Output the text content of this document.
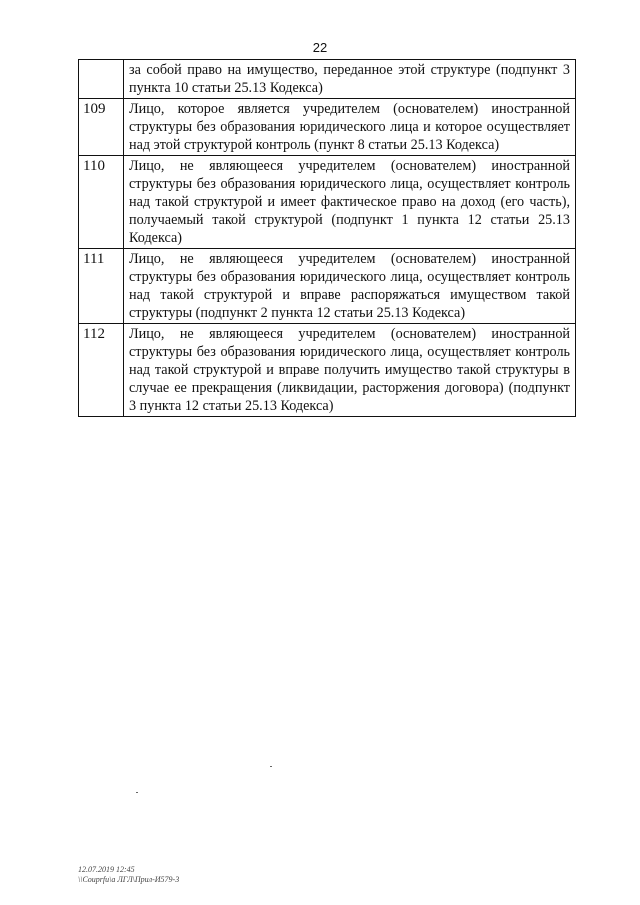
22
	за собой право на имущество, переданное этой структуре (подпункт 3 пункта 10 статьи 25.13 Кодекса)
109	Лицо, которое является учредителем (основателем) иностранной структуры без образования юридического лица и которое осуществляет над этой структурой контроль (пункт 8 статьи 25.13 Кодекса)
110	Лицо, не являющееся учредителем (основателем) иностранной структуры без образования юридического лица, осуществляет контроль над такой структурой и имеет фактическое право на доход (его часть), получаемый такой структурой (подпункт 1 пункта 12 статьи 25.13 Кодекса)
111	Лицо, не являющееся учредителем (основателем) иностранной структуры без образования юридического лица, осуществляет контроль над такой структурой и вправе распоряжаться имуществом такой структуры (подпункт 2 пункта 12 статьи 25.13 Кодекса)
112	Лицо, не являющееся учредителем (основателем) иностранной структуры без образования юридического лица, осуществляет контроль над такой структурой и вправе получить имущество такой структуры в случае ее прекращения (ликвидации, расторжения договора) (подпункт 3 пункта 12 статьи 25.13 Кодекса)
12.07.2019 12:45
\\Couprfu\a ЛГЛ\Прил-И579-3
